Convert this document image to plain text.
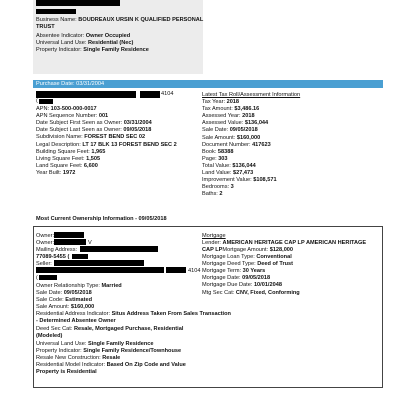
Business Name: BOUDREAUX URSIN K QUALIFIED PERSONAL
TRUST
Absentee Indicator: Owner Occupied
Universal Land Use: Residential (Nec)
Property Indicator: Single Family Residence
Purchase Date: 03/31/2004
4104
(
APN: 103-500-000-0017
APN Sequence Number: 001
Date Subject First Seen as Owner: 03/31/2004
Date Subject Last Seen as Owner: 09/05/2018
Subdivision Name: FOREST BEND SEC 02
Legal Description: LT 17 BLK 13 FOREST BEND SEC 2
Building Square Feet: 1,965
Living Square Feet: 1,505
Land Square Feet: 6,600
Year Built: 1972
Latest Tax Roll/Assessment Information
Tax Year: 2018
Tax Amount: $3,486.16
Assessed Year: 2018
Assessed Value: $136,044
Sale Date: 09/05/2018
Sale Amount: $160,000
Document Number: 417623
Book: 58388
Page: 303
Total Value: $136,044
Land Value: $27,473
Improvement Value: $108,571
Bedrooms: 3
Baths: 2
Most Current Ownership Information - 09/05/2018
Owner:
Owner:	V
Mailing Address:
77089-5455 (
Seller:
4104
(
Owner Relationship Type: Married
Sale Date: 09/05/2018
Sale Code: Estimated
Sale Amount: $160,000
Residential Address Indicator: Situs Address Taken From Sales Transaction
- Determined Absentee Owner
Deed Sec Cat: Resale, Mortgaged Purchase, Residential
(Modeled)
Universal Land Use: Single Family Residence
Property Indicator: Single Family Residence/Townhouse
Resale New Construction: Resale
Residential Model Indicator: Based On Zip Code and Value
Property is Residential
Mortgage
Lender: AMERICAN HERITAGE CAP LP AMERICAN HERITAGE
CAP LPMortgage Amount: $128,000
Mortgage Loan Type: Conventional
Mortgage Deed Type: Deed of Trust
Mortgage Term: 30 Years
Mortgage Date: 09/05/2018
Mortgage Due Date: 10/01/2048
Mtg Sec Cat: CNV, Fixed, Conforming
